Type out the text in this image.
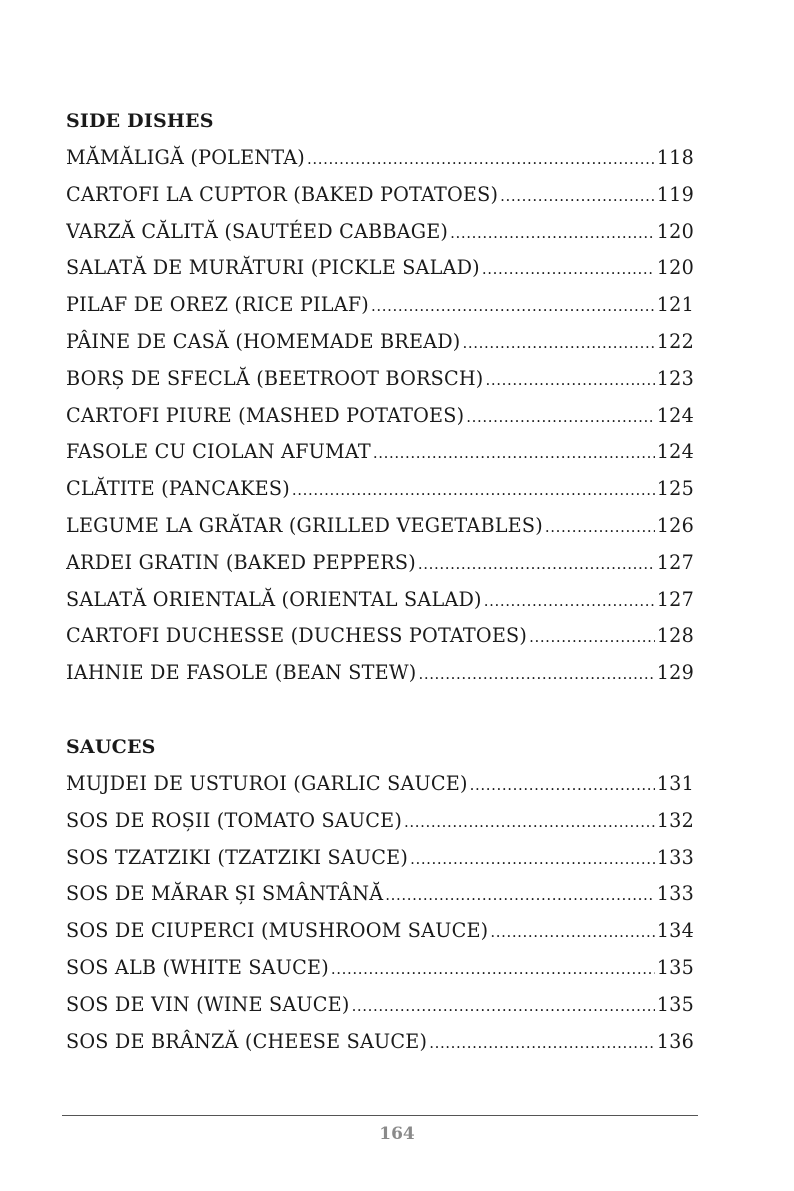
SIDE DISHES
MĂMĂLIGĂ (POLENTA) .....	118
CARTOFI LA CUPTOR (BAKED POTATOES) .....	119
VARZĂ CĂLITĂ (SAUTÉED CABBAGE) .....	120
SALATĂ DE MURĂTURI (PICKLE SALAD) .....	120
PILAF DE OREZ (RICE PILAF) .....	121
PÂINE DE CASĂ (HOMEMADE BREAD) .....	122
BORȘ DE SFECLĂ (BEETROOT BORSCH) .....	123
CARTOFI PIURE (MASHED POTATOES) .....	124
FASOLE CU CIOLAN AFUMAT .....	124
CLĂTITE (PANCAKES) .....	125
LEGUME LA GRĂTAR (GRILLED VEGETABLES) .....	126
ARDEI GRATIN (BAKED PEPPERS) .....	127
SALATĂ ORIENTALĂ (ORIENTAL SALAD) .....	127
CARTOFI DUCHESSE (DUCHESS POTATOES) .....	128
IAHNIE DE FASOLE (BEAN STEW) .....	129
SAUCES
MUJDEI DE USTUROI (GARLIC SAUCE) .....	131
SOS DE ROȘII (TOMATO SAUCE) .....	132
SOS TZATZIKI (TZATZIKI SAUCE) .....	133
SOS DE MĂRAR ȘI SMÂNTÂNĂ .....	133
SOS DE CIUPERCI (MUSHROOM SAUCE) .....	134
SOS ALB (WHITE SAUCE) .....	135
SOS DE VIN (WINE SAUCE) .....	135
SOS DE BRÂNZĂ (CHEESE SAUCE) .....	136
164
